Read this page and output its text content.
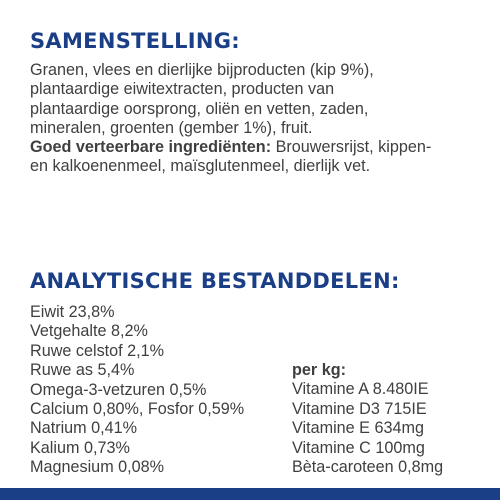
SAMENSTELLING:

Granen, vlees en dierlijke bijproducten (kip 9%),
plantaardige eiwitextracten, producten van
plantaardige oorsprong, oliën en vetten, zaden,
mineralen, groenten (gember 1%), fruit.
Goed verteerbare ingrediënten: Brouwersrijst, kippen-
en kalkoenenmeel, maïsglutenmeel, dierlijk vet.

ANALYTISCHE BESTANDDELEN:
Eiwit 23,8%
Vetgehalte 8,2%
Ruwe celstof 2,1%
Ruwe as 5,4%
Omega-3-vetzuren 0,5%
Calcium 0,80%, Fosfor 0,59%
Natrium 0,41%
Kalium 0,73%
Magnesium 0,08%
per kg:
Vitamine A 8.480IE
Vitamine D3 715IE
Vitamine E 634mg
Vitamine C 100mg
Bèta-caroteen 0,8mg
